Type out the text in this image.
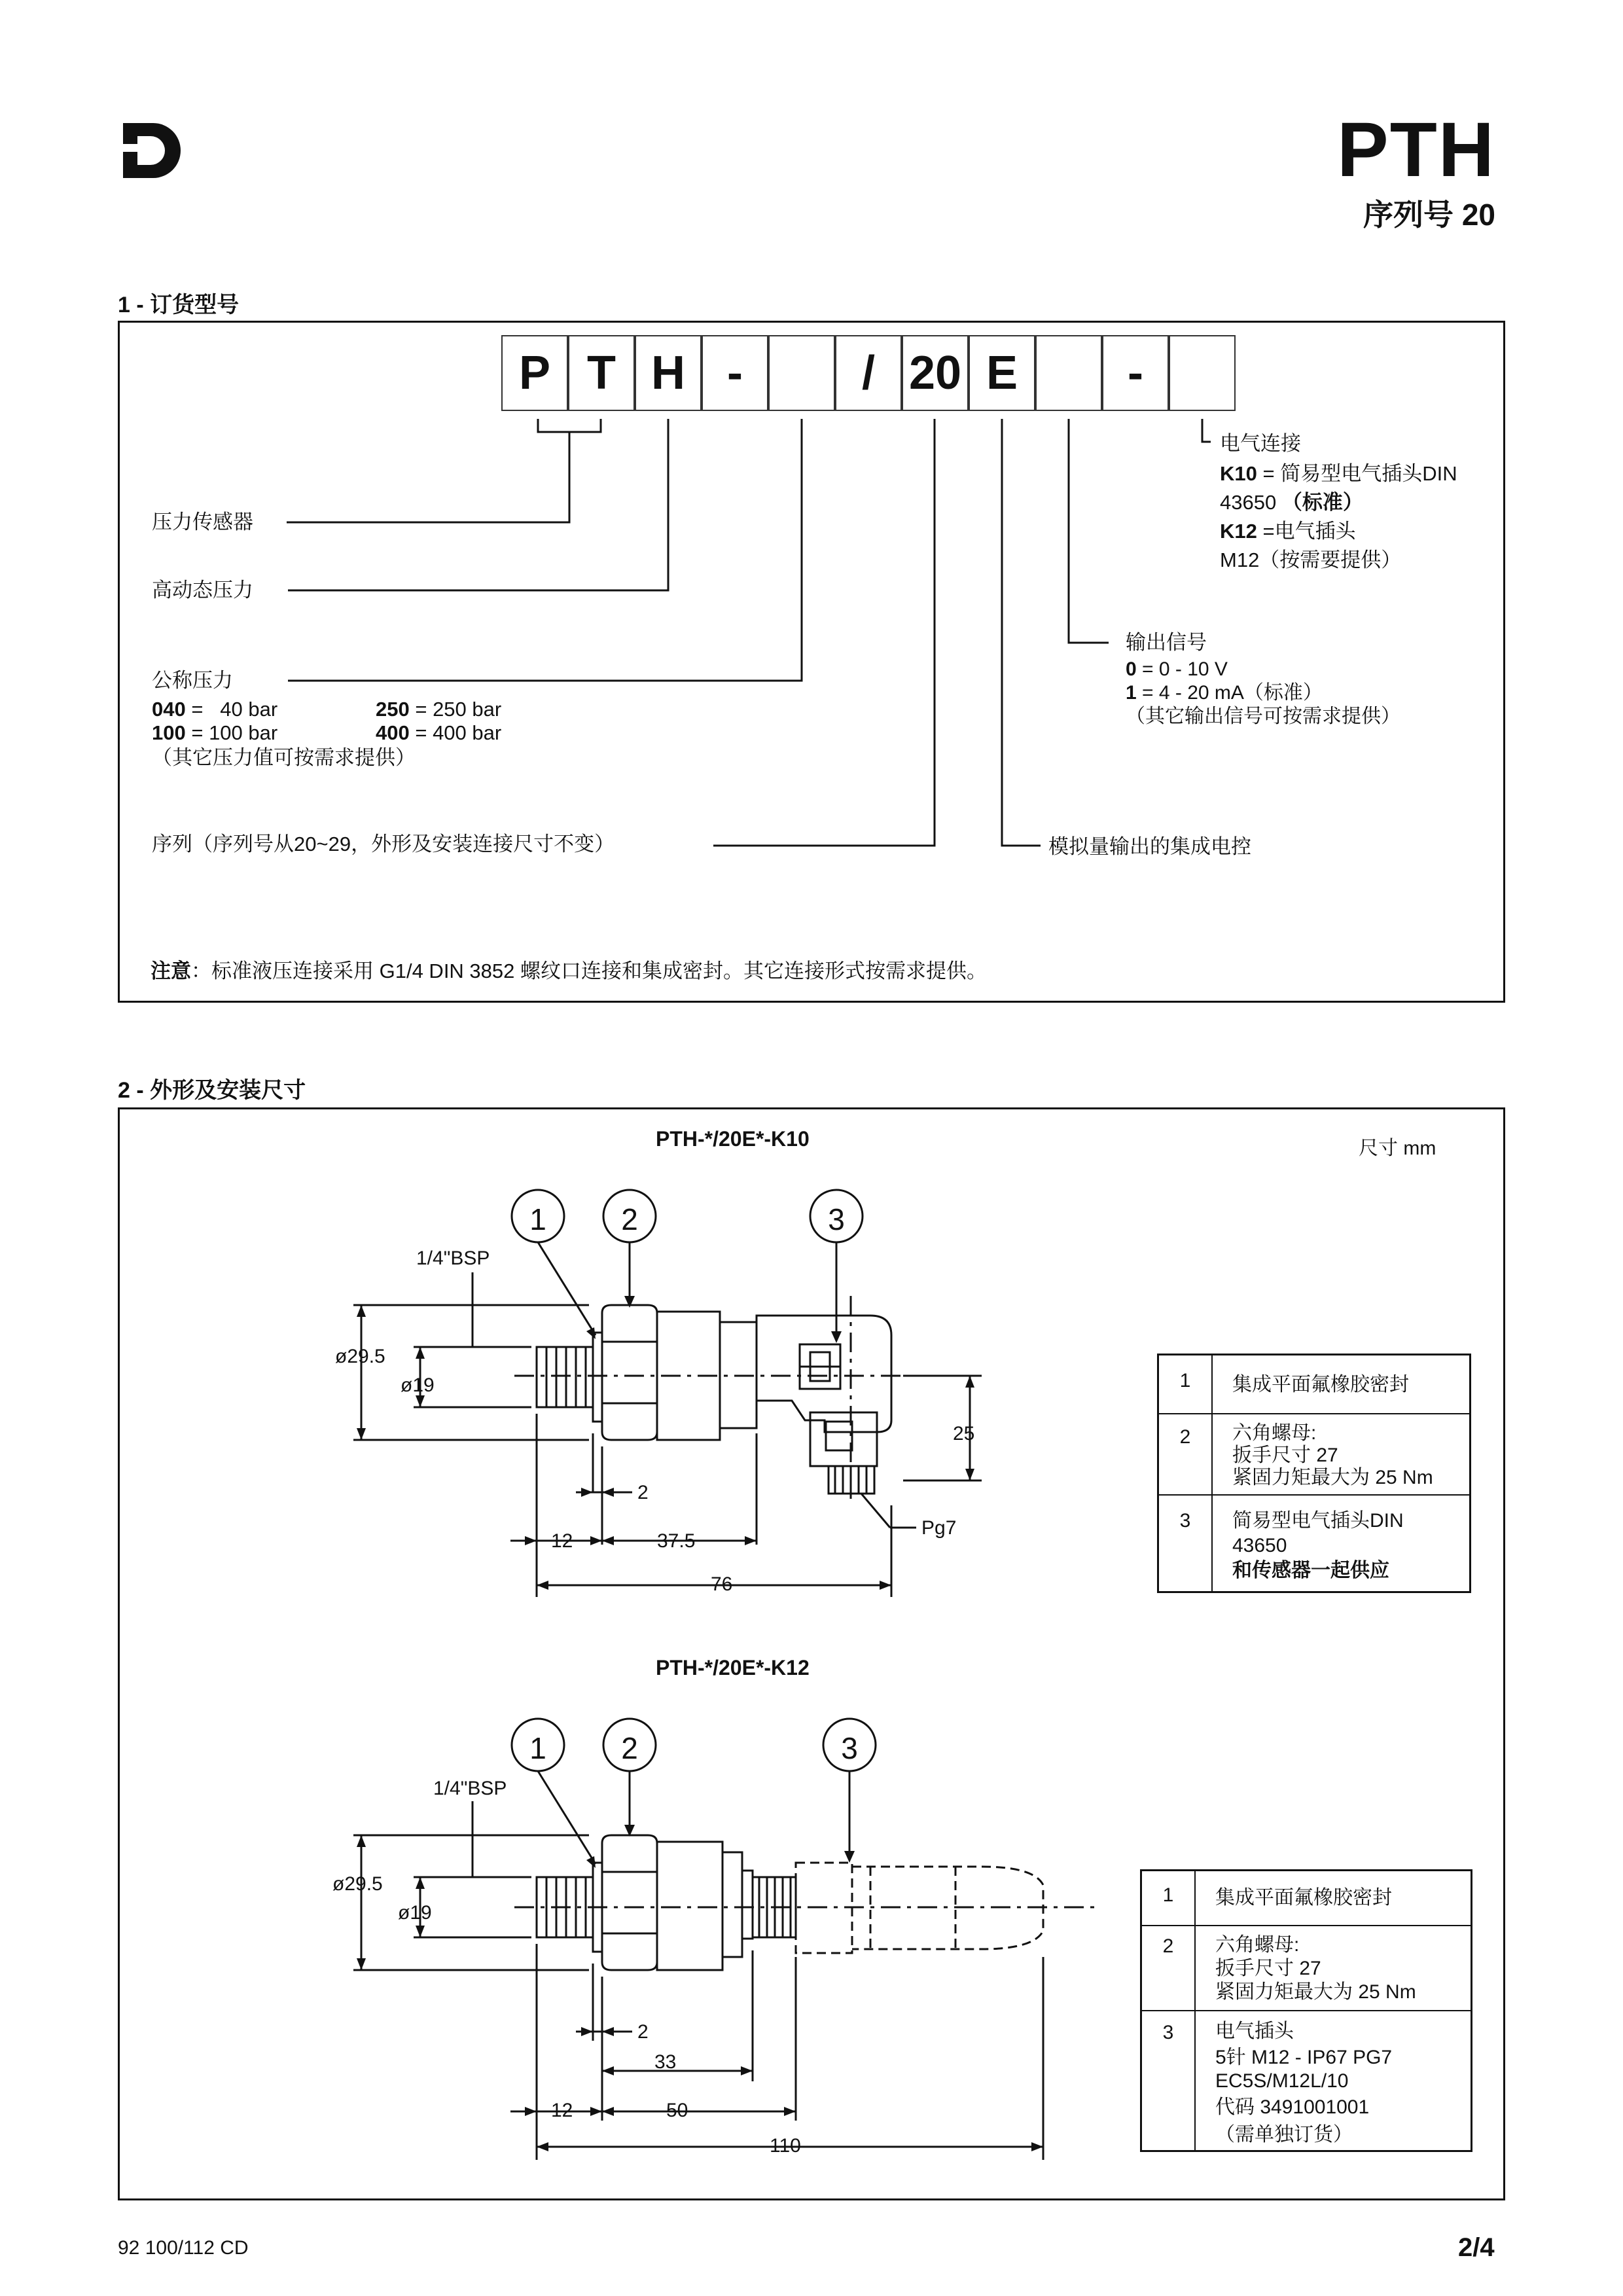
PTH
序列号 20
1 - 订货型号
P T H -	/ 20 E	-
压力传感器
高动态压力
公称压力
040 =   40 bar	250 = 250 bar
100 = 100 bar	400 = 400 bar
（其它压力值可按需求提供）
序列（序列号从20~29，外形及安装连接尺寸不变）	模拟量输出的集成电控
电气连接
K10 = 简易型电气插头DIN
43650 （标准）
K12 =电气插头
M12（按需要提供）
输出信号
0 = 0 - 10 V
1 = 4 - 20 mA（标准）
（其它输出信号可按需求提供）
注意：标准液压连接采用 G1/4 DIN 3852 螺纹口连接和集成密封。其它连接形式按需求提供。
2 - 外形及安装尺寸
尺寸 mm
PTH-*/20E*-K10
1 2	3
1/4"BSP
ø29.5
ø19
2
12	37.5
76
25
Pg7
1	集成平面氟橡胶密封
2	六角螺母:
扳手尺寸 27
紧固力矩最大为 25 Nm
3	简易型电气插头DIN
43650
和传感器一起供应
PTH-*/20E*-K12
1 2	3
1/4"BSP
ø29.5
ø19
2
33
12	50
110
1	集成平面氟橡胶密封
2	六角螺母:
扳手尺寸 27
紧固力矩最大为 25 Nm
3	电气插头
5针 M12 - IP67 PG7
EC5S/M12L/10
代码 3491001001
（需单独订货）
92 100/112 CD	2/4
